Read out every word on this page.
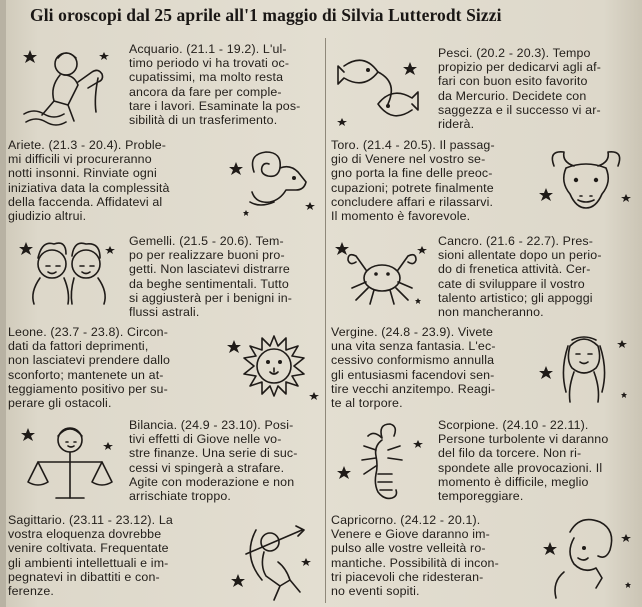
Gli oroscopi dal 25 aprile all'1 maggio di Silvia Lutterodt Sizzi

Acquario. (21.1 - 19.2). L'ul-

timo periodo vi ha trovati oc-

cupatissimi, ma molto resta

ancora da fare per comple-

tare i lavori. Esaminate la pos-

sibilità di un trasferimento.

Ariete. (21.3 - 20.4). Proble-

mi difficili vi procureranno

notti insonni. Rinviate ogni

iniziativa data la complessità

della faccenda. Affidatevi al

giudizio altrui.

Gemelli. (21.5 - 20.6). Tem-

po per realizzare buoni pro-

getti. Non lasciatevi distrarre

da beghe sentimentali. Tutto

si aggiusterà per i benigni in-

flussi astrali.

Leone. (23.7 - 23.8). Circon-

dati da fattori deprimenti,

non lasciatevi prendere dallo

sconforto; mantenete un at-

teggiamento positivo per su-

perare gli ostacoli.

Bilancia. (24.9 - 23.10). Posi-

tivi effetti di Giove nelle vo-

stre finanze. Una serie di suc-

cessi vi spingerà a strafare.

Agite con moderazione e non

arrischiate troppo.

Sagittario. (23.11 - 23.12). La

vostra eloquenza dovrebbe

venire coltivata. Frequentate

gli ambienti intellettuali e im-

pegnatevi in dibattiti e con-

ferenze.

Pesci. (20.2 - 20.3). Tempo

propizio per dedicarvi agli af-

fari con buon esito favorito

da Mercurio. Decidete con

saggezza e il successo vi ar-

riderà.

Toro. (21.4 - 20.5). Il passag-

gio di Venere nel vostro se-

gno porta la fine delle preoc-

cupazioni; potrete finalmente

concludere affari e rilassarvi.

Il momento è favorevole.

Cancro. (21.6 - 22.7). Pres-

sioni allentate dopo un perio-

do di frenetica attività. Cer-

cate di sviluppare il vostro

talento artistico; gli appoggi

non mancheranno.

Vergine. (24.8 - 23.9). Vivete

una vita senza fantasia. L'ec-

cessivo conformismo annulla

gli entusiasmi facendovi sen-

tire vecchi anzitempo. Reagi-

te al torpore.

Scorpione. (24.10 - 22.11).

Persone turbolente vi daranno

del filo da torcere. Non ri-

spondete alle provocazioni. Il

momento è difficile, meglio

temporeggiare.

Capricorno. (24.12 - 20.1).

Venere e Giove daranno im-

pulso alle vostre velleità ro-

mantiche. Possibilità di incon-

tri piacevoli che ridesteran-

no eventi sopiti.
